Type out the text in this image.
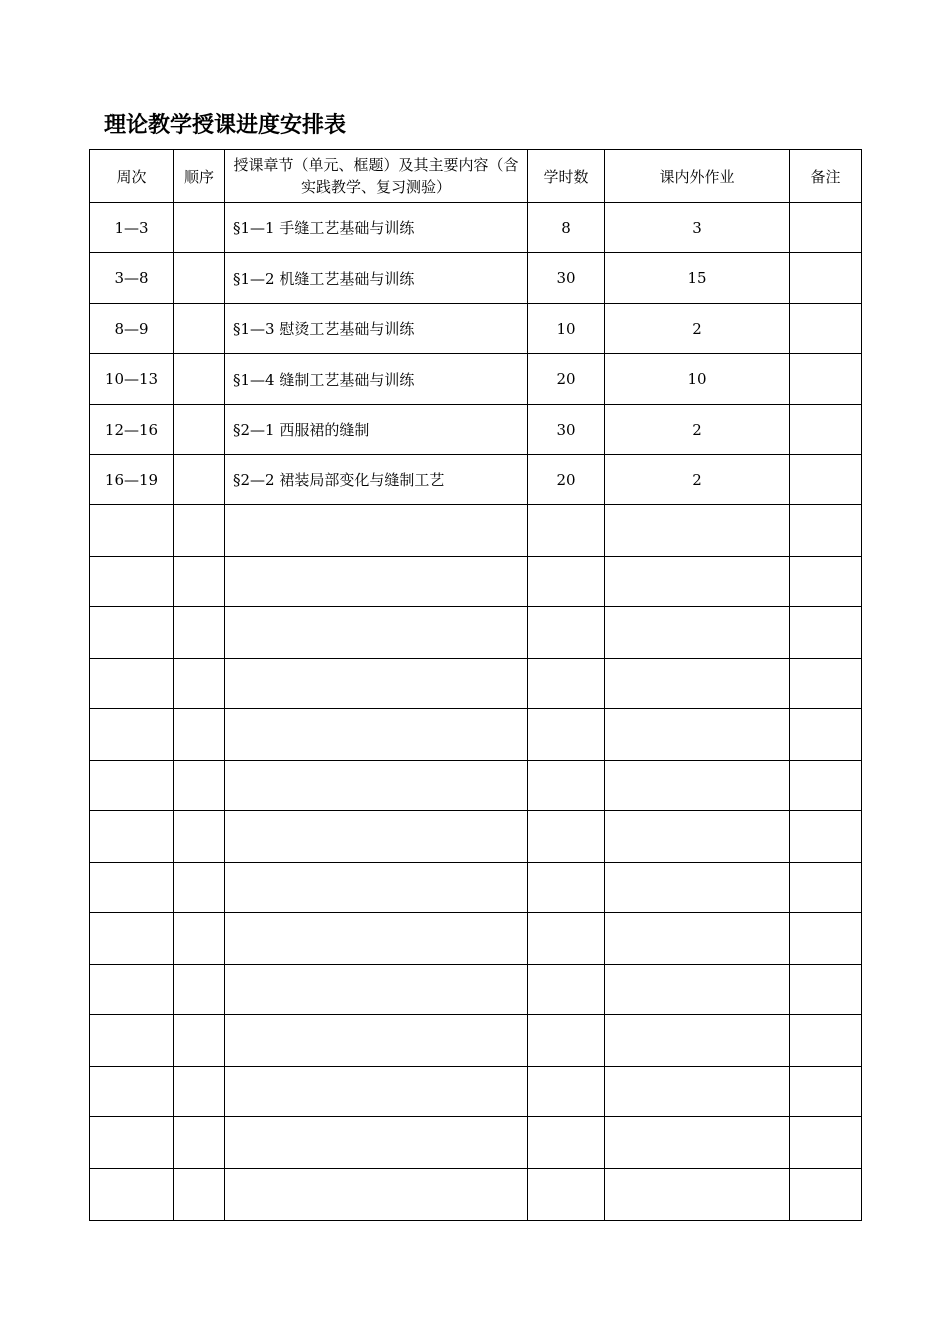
理论教学授课进度安排表
周次	顺序	授课章节（单元、框题）及其主要内容（含实践教学、复习测验）	学时数	课内外作业	备注
1—3		§1—1 手缝工艺基础与训练	8	3	
3—8		§1—2 机缝工艺基础与训练	30	15	
8—9		§1—3 慰烫工艺基础与训练	10	2	
10—13		§1—4 缝制工艺基础与训练	20	10	
12—16		§2—1 西服裙的缝制	30	2	
16—19		§2—2 裙装局部变化与缝制工艺	20	2	
